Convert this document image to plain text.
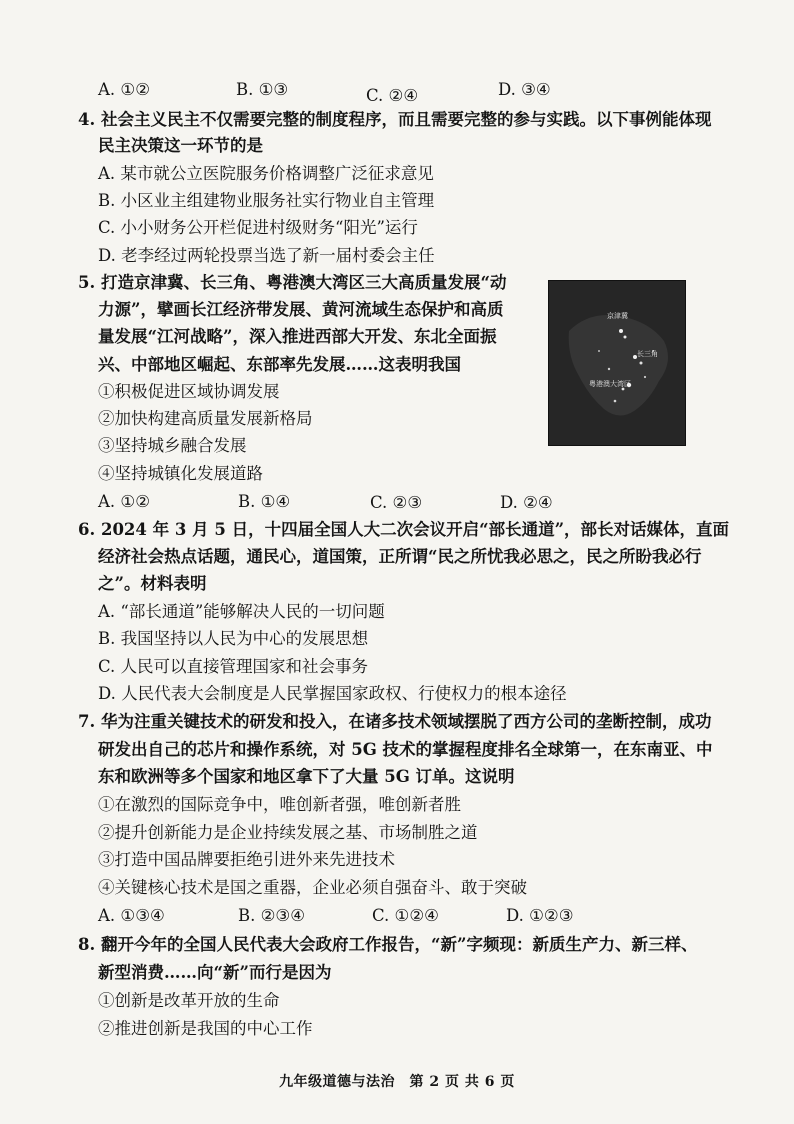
A. ①②	B. ①③	C. ②④	D. ③④
4. 社会主义民主不仅需要完整的制度程序，而且需要完整的参与实践。以下事例能体现
民主决策这一环节的是
A. 某市就公立医院服务价格调整广泛征求意见
B. 小区业主组建物业服务社实行物业自主管理
C. 小小财务公开栏促进村级财务“阳光”运行
D. 老李经过两轮投票当选了新一届村委会主任
5. 打造京津冀、长三角、粤港澳大湾区三大高质量发展“动
力源”，擘画长江经济带发展、黄河流域生态保护和高质
量发展“江河战略”，深入推进西部大开发、东北全面振
兴、中部地区崛起、东部率先发展……这表明我国
①积极促进区域协调发展
②加快构建高质量发展新格局
③坚持城乡融合发展
④坚持城镇化发展道路
A. ①②	B. ①④	C. ②③	D. ②④
京津冀
长三角
粤港澳大湾区
6. 2024 年 3 月 5 日，十四届全国人大二次会议开启“部长通道”，部长对话媒体，直面
经济社会热点话题，通民心，道国策，正所谓“民之所忧我必思之，民之所盼我必行
之”。材料表明
A. “部长通道”能够解决人民的一切问题
B. 我国坚持以人民为中心的发展思想
C. 人民可以直接管理国家和社会事务
D. 人民代表大会制度是人民掌握国家政权、行使权力的根本途径
7. 华为注重关键技术的研发和投入，在诸多技术领域摆脱了西方公司的垄断控制，成功
研发出自己的芯片和操作系统，对 5G 技术的掌握程度排名全球第一，在东南亚、中
东和欧洲等多个国家和地区拿下了大量 5G 订单。这说明
①在激烈的国际竞争中，唯创新者强，唯创新者胜
②提升创新能力是企业持续发展之基、市场制胜之道
③打造中国品牌要拒绝引进外来先进技术
④关键核心技术是国之重器，企业必须自强奋斗、敢于突破
A. ①③④	B. ②③④	C. ①②④	D. ①②③
8. 翻开今年的全国人民代表大会政府工作报告，“新”字频现：新质生产力、新三样、
新型消费……向“新”而行是因为
①创新是改革开放的生命
②推进创新是我国的中心工作
九年级道德与法治　第 2 页 共 6 页
